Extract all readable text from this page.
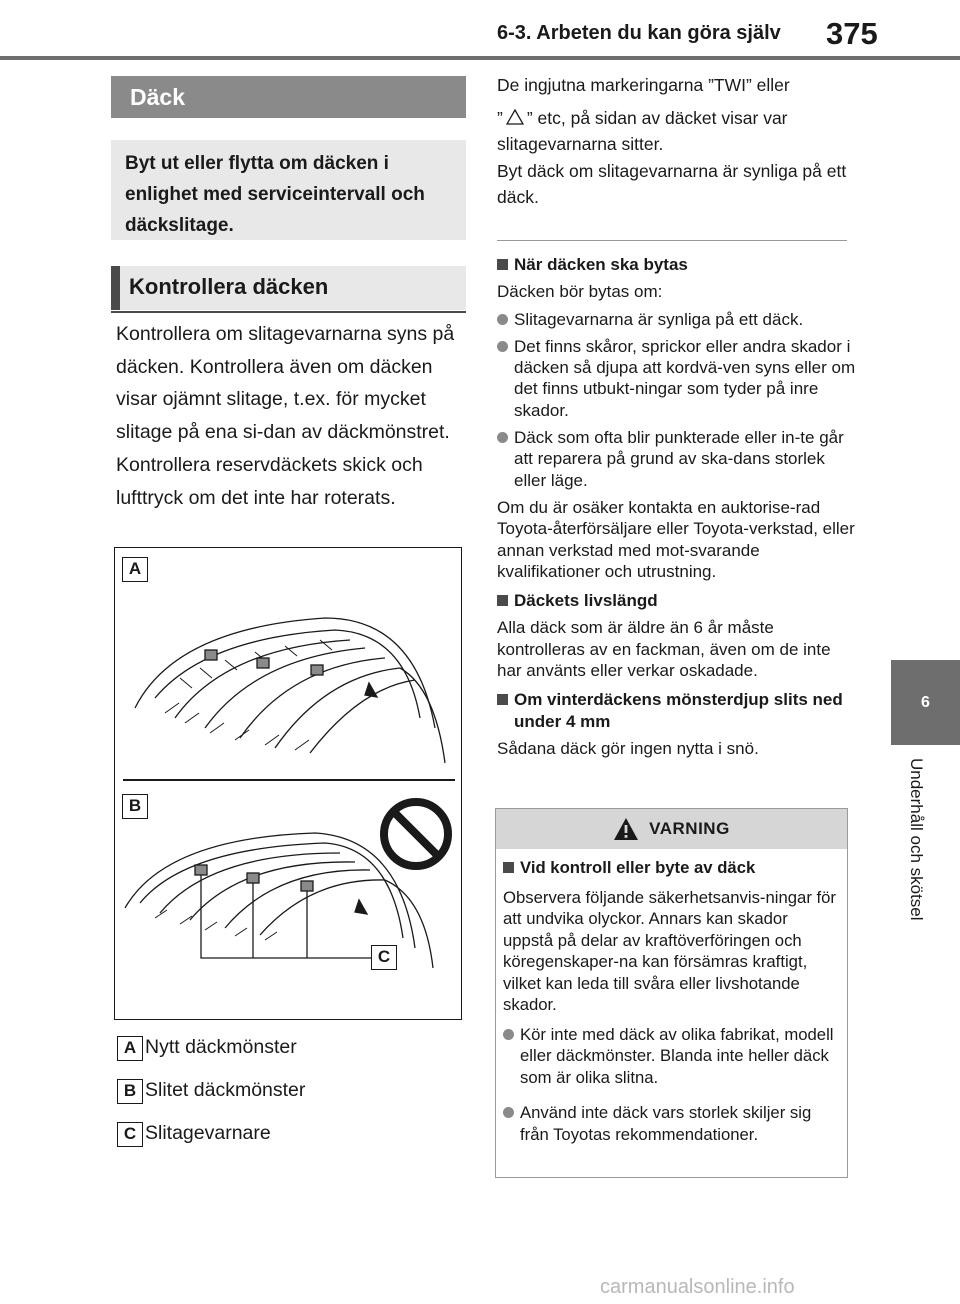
6-3. Arbeten du kan göra själv 375
6
Underhåll och skötsel
Däck
Byt ut eller flytta om däcken i enlighet med serviceintervall och däckslitage.
Kontrollera däcken

Kontrollera om slitagevarnarna syns på däcken. Kontrollera även om däcken visar ojämnt slitage, t.ex. för mycket slitage på ena si-dan av däckmönstret.

Kontrollera reservdäckets skick och lufttryck om det inte har roterats.

A
B
C
A Nytt däckmönster
B Slitet däckmönster
C Slitagevarnare

De ingjutna markeringarna ”TWI” eller

” ” etc, på sidan av däcket visar var

slitagevarnarna sitter.

Byt däck om slitagevarnarna är synliga på ett däck.

När däcken ska bytas

Däcken bör bytas om:

Slitagevarnarna är synliga på ett däck.
Det finns skåror, sprickor eller andra skador i däcken så djupa att kordvä-ven syns eller om det finns utbukt-ningar som tyder på inre skador.
Däck som ofta blir punkterade eller in-te går att reparera på grund av ska-dans storlek eller läge.

Om du är osäker kontakta en auktorise-rad Toyota-återförsäljare eller Toyota-verkstad, eller annan verkstad med mot-svarande kvalifikationer och utrustning.

Däckets livslängd

Alla däck som är äldre än 6 år måste kontrolleras av en fackman, även om de inte har använts eller verkar oskadade.

Om vinterdäckens mönsterdjup slits ned under 4 mm

Sådana däck gör ingen nytta i snö.

VARNING
Vid kontroll eller byte av däck

Observera följande säkerhetsanvis-ningar för att undvika olyckor. Annars kan skador uppstå på delar av kraftöverföringen och köregenskaper-na kan försämras kraftigt, vilket kan leda till svåra eller livshotande skador.

Kör inte med däck av olika fabrikat, modell eller däckmönster. Blanda inte heller däck som är olika slitna.
Använd inte däck vars storlek skiljer sig från Toyotas rekommendationer.
carmanualsonline.info
